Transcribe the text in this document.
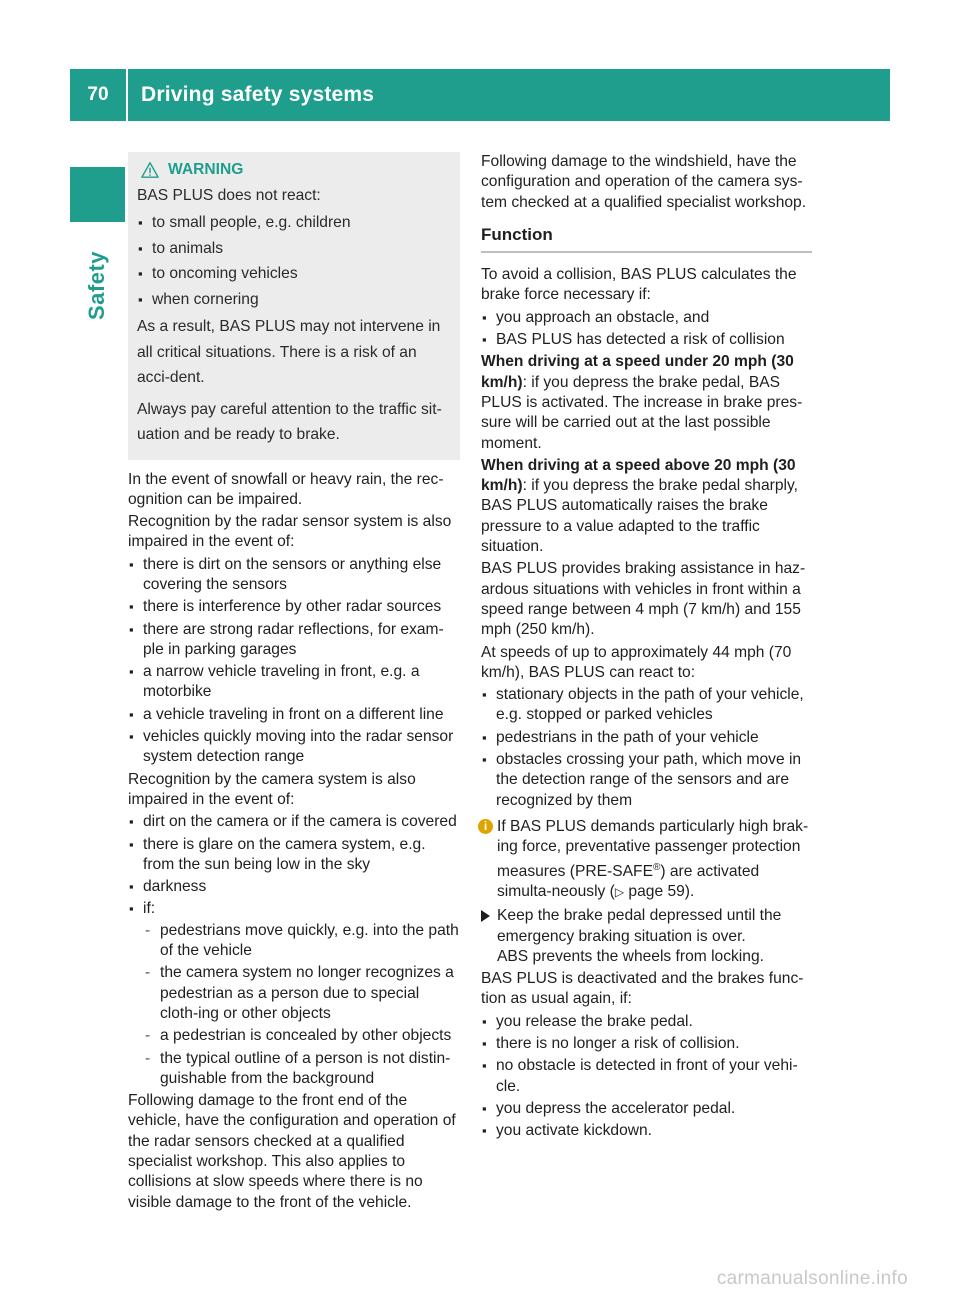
70	Driving safety systems
Safety
WARNING

BAS PLUS does not react:

▪ to small people, e.g. children
▪ to animals
▪ to oncoming vehicles
▪ when cornering

As a result, BAS PLUS may not intervene in all critical situations. There is a risk of an acci-dent.

Always pay careful attention to the traffic sit-uation and be ready to brake.

In the event of snowfall or heavy rain, the rec-ognition can be impaired.

Recognition by the radar sensor system is also impaired in the event of:

▪ there is dirt on the sensors or anything else covering the sensors
▪ there is interference by other radar sources
▪ there are strong radar reflections, for exam-ple in parking garages
▪ a narrow vehicle traveling in front, e.g. a motorbike
▪ a vehicle traveling in front on a different line
▪ vehicles quickly moving into the radar sensor system detection range

Recognition by the camera system is also impaired in the event of:

▪ dirt on the camera or if the camera is covered
▪ there is glare on the camera system, e.g. from the sun being low in the sky
▪ darkness
▪ if:
- pedestrians move quickly, e.g. into the path of the vehicle
- the camera system no longer recognizes a pedestrian as a person due to special cloth-ing or other objects
- a pedestrian is concealed by other objects
- the typical outline of a person is not distin-guishable from the background

Following damage to the front end of the vehicle, have the configuration and operation of the radar sensors checked at a qualified specialist workshop. This also applies to collisions at slow speeds where there is no visible damage to the front of the vehicle.

Following damage to the windshield, have the configuration and operation of the camera sys-tem checked at a qualified specialist workshop.

Function

To avoid a collision, BAS PLUS calculates the brake force necessary if:

▪ you approach an obstacle, and
▪ BAS PLUS has detected a risk of collision

When driving at a speed under 20 mph (30 km/h): if you depress the brake pedal, BAS PLUS is activated. The increase in brake pres-sure will be carried out at the last possible moment.

When driving at a speed above 20 mph (30 km/h): if you depress the brake pedal sharply, BAS PLUS automatically raises the brake pressure to a value adapted to the traffic situation.

BAS PLUS provides braking assistance in haz-ardous situations with vehicles in front within a speed range between 4 mph (7 km/h) and 155 mph (250 km/h).

At speeds of up to approximately 44 mph (70 km/h), BAS PLUS can react to:

▪ stationary objects in the path of your vehicle, e.g. stopped or parked vehicles
▪ pedestrians in the path of your vehicle
▪ obstacles crossing your path, which move in the detection range of the sensors and are recognized by them
i If BAS PLUS demands particularly high brak-ing force, preventative passenger protection measures (PRE-SAFE®) are activated simulta-neously (▷ page 59).
Keep the brake pedal depressed until the emergency braking situation is over.
ABS prevents the wheels from locking.

BAS PLUS is deactivated and the brakes func-tion as usual again, if:

▪ you release the brake pedal.
▪ there is no longer a risk of collision.
▪ no obstacle is detected in front of your vehi-cle.
▪ you depress the accelerator pedal.
▪ you activate kickdown.
carmanualsonline.info
